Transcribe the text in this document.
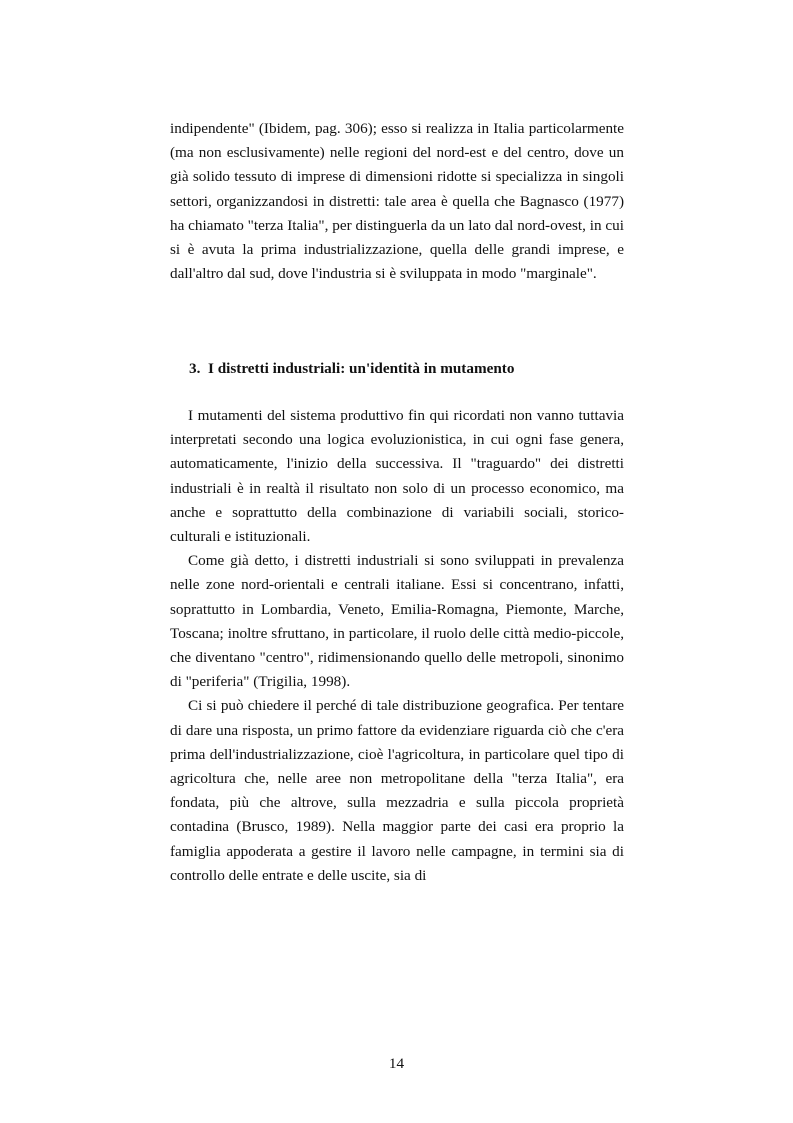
indipendente" (Ibidem, pag. 306); esso si realizza in Italia particolarmente (ma non esclusivamente) nelle regioni del nord-est e del centro, dove un già solido tessuto di imprese di dimensioni ridotte si specializza in singoli settori, organizzandosi in distretti: tale area è quella che Bagnasco (1977) ha chiamato "terza Italia", per distinguerla da un lato dal nord-ovest, in cui si è avuta la prima industrializzazione, quella delle grandi imprese, e dall'altro dal sud, dove l'industria si è sviluppata in modo "marginale".

3. I distretti industriali: un'identità in mutamento

I mutamenti del sistema produttivo fin qui ricordati non vanno tuttavia interpretati secondo una logica evoluzionistica, in cui ogni fase genera, automaticamente, l'inizio della successiva. Il "traguardo" dei distretti industriali è in realtà il risultato non solo di un processo economico, ma anche e soprattutto della combinazione di variabili sociali, storico-culturali e istituzionali.

Come già detto, i distretti industriali si sono sviluppati in prevalenza nelle zone nord-orientali e centrali italiane. Essi si concentrano, infatti, soprattutto in Lombardia, Veneto, Emilia-Romagna, Piemonte, Marche, Toscana; inoltre sfruttano, in particolare, il ruolo delle città medio-piccole, che diventano "centro", ridimensionando quello delle metropoli, sinonimo di "periferia" (Trigilia, 1998).

Ci si può chiedere il perché di tale distribuzione geografica. Per tentare di dare una risposta, un primo fattore da evidenziare riguarda ciò che c'era prima dell'industrializzazione, cioè l'agricoltura, in particolare quel tipo di agricoltura che, nelle aree non metropolitane della "terza Italia", era fondata, più che altrove, sulla mezzadria e sulla piccola proprietà contadina (Brusco, 1989). Nella maggior parte dei casi era proprio la famiglia appoderata a gestire il lavoro nelle campagne, in termini sia di controllo delle entrate e delle uscite, sia di

14
